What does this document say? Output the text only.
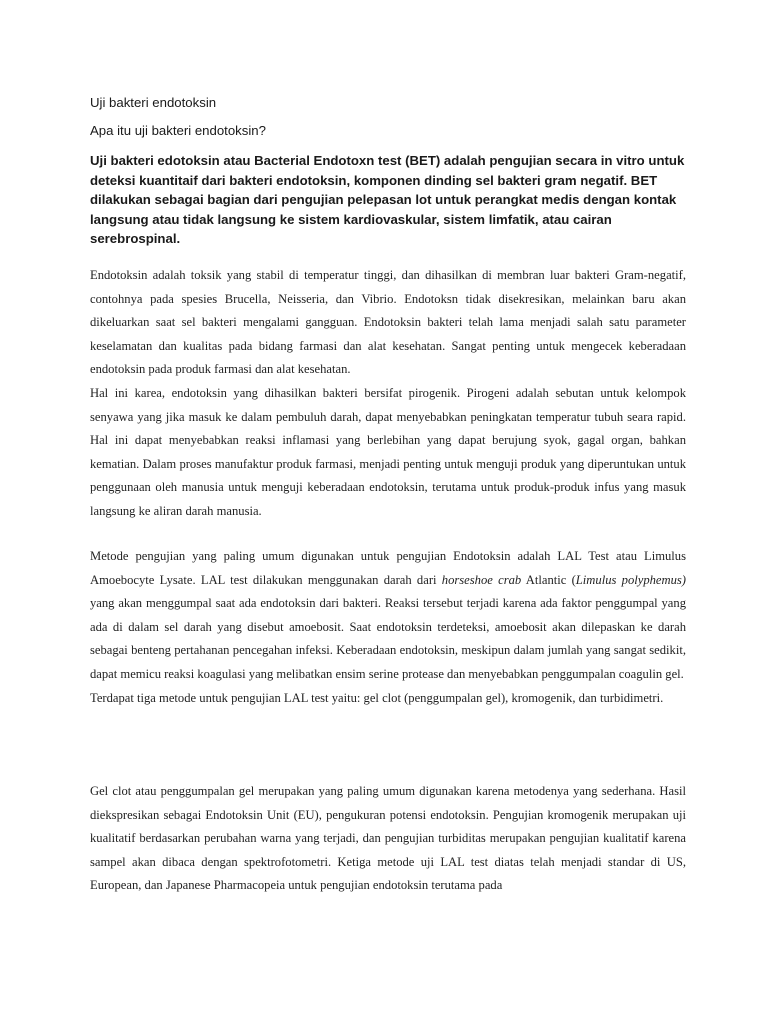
Uji bakteri endotoksin

Apa itu uji bakteri endotoksin?

Uji bakteri edotoksin atau Bacterial Endotoxn test (BET) adalah pengujian secara in vitro untuk deteksi kuantitaif dari bakteri endotoksin, komponen dinding sel bakteri gram negatif. BET dilakukan sebagai bagian dari pengujian pelepasan lot untuk perangkat medis dengan kontak langsung atau tidak langsung ke sistem kardiovaskular, sistem limfatik, atau cairan serebrospinal.

Endotoksin adalah toksik yang stabil di temperatur tinggi, dan dihasilkan di membran luar bakteri Gram-negatif, contohnya pada spesies Brucella, Neisseria, dan Vibrio. Endotoksn tidak disekresikan, melainkan baru akan dikeluarkan saat sel bakteri mengalami gangguan. Endotoksin bakteri telah lama menjadi salah satu parameter keselamatan dan kualitas pada bidang farmasi dan alat kesehatan. Sangat penting untuk mengecek keberadaan endotoksin pada produk farmasi dan alat kesehatan.

Hal ini karea, endotoksin yang dihasilkan bakteri bersifat pirogenik. Pirogeni adalah sebutan untuk kelompok senyawa yang jika masuk ke dalam pembuluh darah, dapat menyebabkan peningkatan temperatur tubuh seara rapid. Hal ini dapat menyebabkan reaksi inflamasi yang berlebihan yang dapat berujung syok, gagal organ, bahkan kematian. Dalam proses manufaktur produk farmasi, menjadi penting untuk menguji produk yang diperuntukan untuk penggunaan oleh manusia untuk menguji keberadaan endotoksin, terutama untuk produk-produk infus yang masuk langsung ke aliran darah manusia.

Metode pengujian yang paling umum digunakan untuk pengujian Endotoksin adalah LAL Test atau Limulus Amoebocyte Lysate. LAL test dilakukan menggunakan darah dari horseshoe crab Atlantic (Limulus polyphemus) yang akan menggumpal saat ada endotoksin dari bakteri. Reaksi tersebut terjadi karena ada faktor penggumpal yang ada di dalam sel darah yang disebut amoebosit. Saat endotoksin terdeteksi, amoebosit akan dilepaskan ke darah sebagai benteng pertahanan pencegahan infeksi. Keberadaan endotoksin, meskipun dalam jumlah yang sangat sedikit, dapat memicu reaksi koagulasi yang melibatkan ensim serine protease dan menyebabkan penggumpalan coagulin gel.

Terdapat tiga metode untuk pengujian LAL test yaitu: gel clot (penggumpalan gel), kromogenik, dan turbidimetri.

Gel clot atau penggumpalan gel merupakan yang paling umum digunakan karena metodenya yang sederhana. Hasil diekspresikan sebagai Endotoksin Unit (EU), pengukuran potensi endotoksin. Pengujian kromogenik merupakan uji kualitatif berdasarkan perubahan warna yang terjadi, dan pengujian turbiditas merupakan pengujian kualitatif karena sampel akan dibaca dengan spektrofotometri. Ketiga metode uji LAL test diatas telah menjadi standar di US, European, dan Japanese Pharmacopeia untuk pengujian endotoksin terutama pada
